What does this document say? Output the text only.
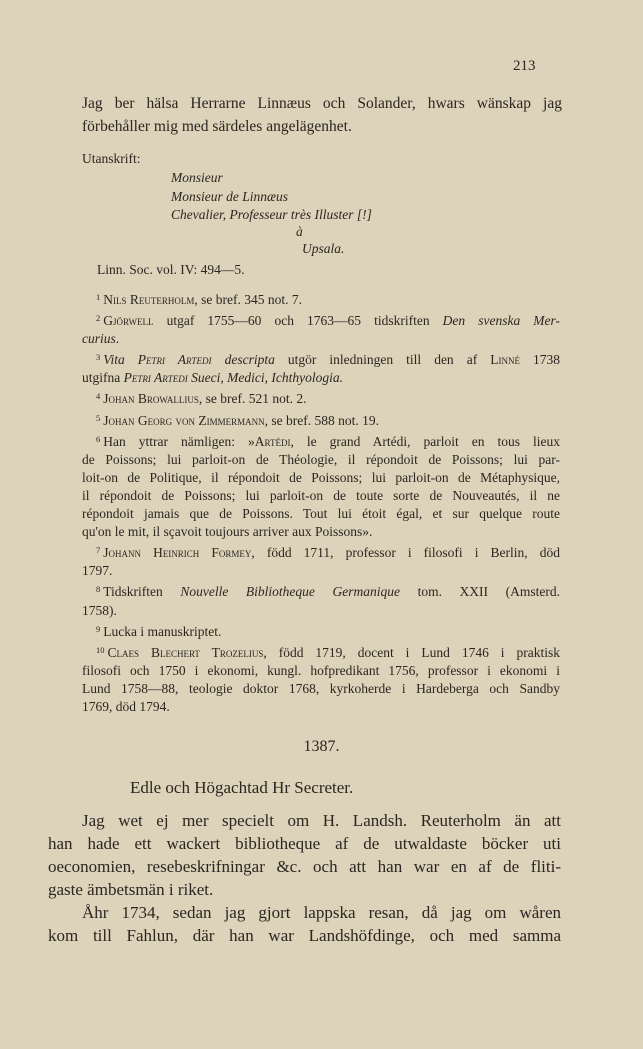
213
Jag ber hälsa Herrarne Linnæus och Solander, hwars wänskap jag
förbehåller mig med särdeles angelägenhet.
Utanskrift:
Monsieur
Monsieur de Linnæus
Chevalier, Professeur très Illuster [!]
à
Upsala.
Linn. Soc. vol. IV: 494—5.
$^1$ Nils Reuterholm, se bref. 345 not. 7.
$^2$ Gjörwell utgaf 1755—60 och 1763—65 tidskriften Den svenska Mer-
curius.
$^3$ Vita Petri Artedi descripta utgör inledningen till den af Linné 1738
utgifna Petri Artedi Sueci, Medici, Ichthyologia.
$^4$ Johan Browallius, se bref. 521 not. 2.
$^5$ Johan Georg von Zimmermann, se bref. 588 not. 19.
$^6$ Han yttrar nämligen: »Artédi, le grand Artédi, parloit en tous lieux
de Poissons; lui parloit-on de Théologie, il répondoit de Poissons; lui par-
loit-on de Politique, il répondoit de Poissons; lui parloit-on de Métaphysique,
il répondoit de Poissons; lui parloit-on de toute sorte de Nouveautés, il ne
répondoit jamais que de Poissons. Tout lui étoit égal, et sur quelque route
qu'on le mit, il sçavoit toujours arriver aux Poissons».
$^7$ Johann Heinrich Formey, född 1711, professor i filosofi i Berlin, död
1797.
$^8$ Tidskriften Nouvelle Bibliotheque Germanique tom. XXII (Amsterd.
1758).
$^9$ Lucka i manuskriptet.
$^{10}$ Claes Blechert Trozelius, född 1719, docent i Lund 1746 i praktisk
filosofi och 1750 i ekonomi, kungl. hofpredikant 1756, professor i ekonomi i
Lund 1758—88, teologie doktor 1768, kyrkoherde i Hardeberga och Sandby
1769, död 1794.
1387.
Edle och Högachtad Hr Secreter.
Jag wet ej mer specielt om H. Landsh. Reuterholm än att
han hade ett wackert bibliotheque af de utwaldaste böcker uti
oeconomien, resebeskrifningar &c. och att han war en af de fliti-
gaste ämbetsmän i riket.
Åhr 1734, sedan jag gjort lappska resan, då jag om wåren
kom till Fahlun, där han war Landshöfdinge, och med samma
